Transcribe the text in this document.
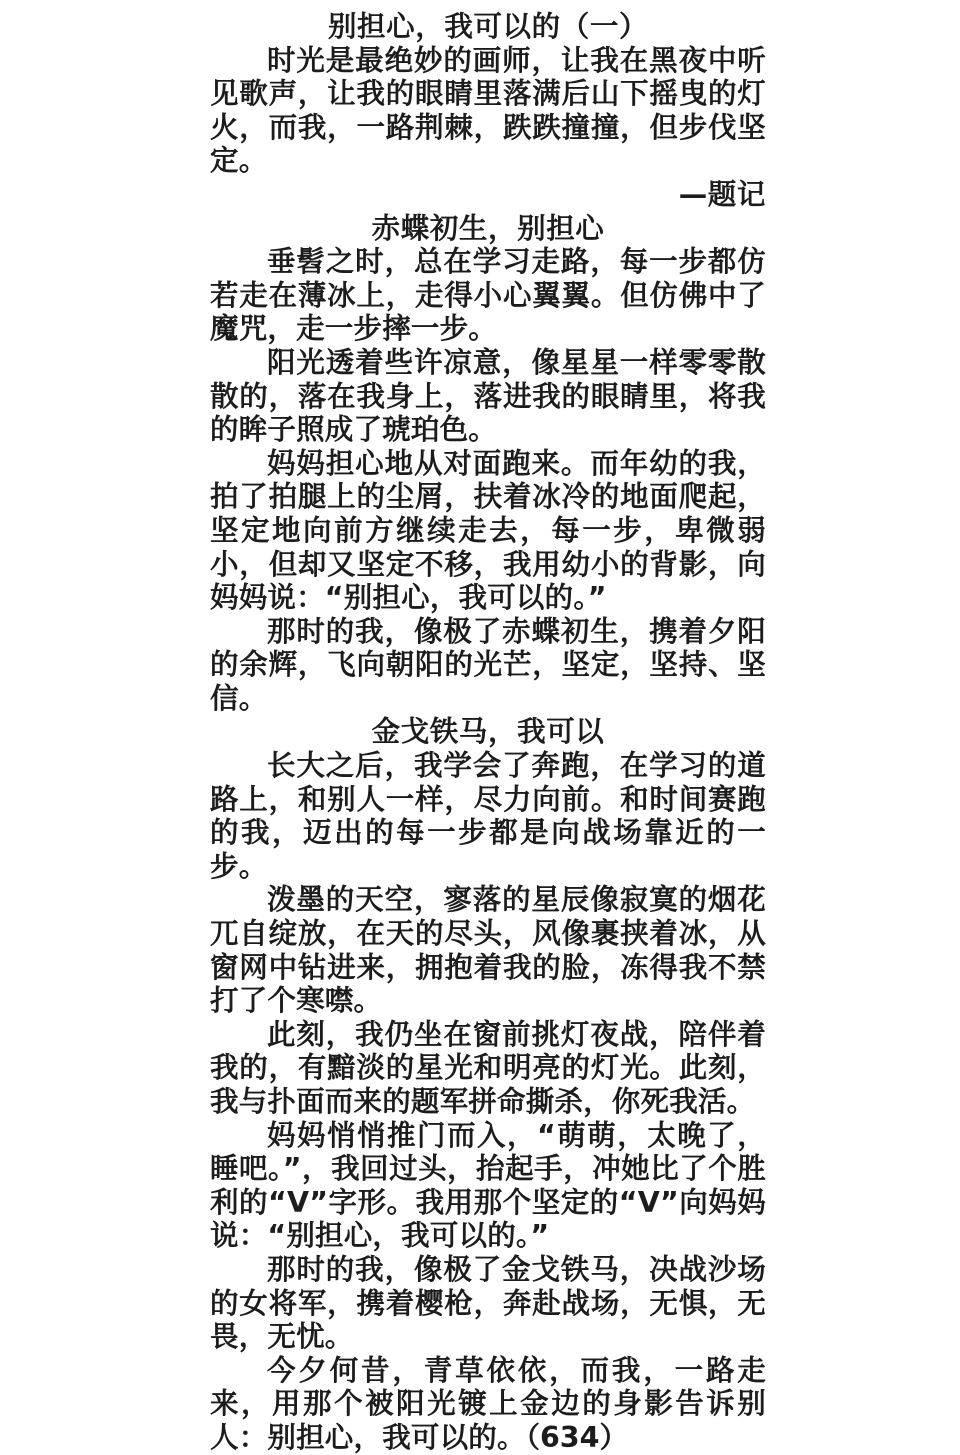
别担心，我可以的（一）

时光是最绝妙的画师，让我在黑夜中听见歌声，让我的眼睛里落满后山下摇曳的灯火，而我，一路荆棘，跌跌撞撞，但步伐坚定。

—题记

赤蝶初生，别担心

垂髫之时，总在学习走路，每一步都仿若走在薄冰上，走得小心翼翼。但仿佛中了魔咒，走一步摔一步。

阳光透着些许凉意，像星星一样零零散散的，落在我身上，落进我的眼睛里，将我的眸子照成了琥珀色。

妈妈担心地从对面跑来。而年幼的我，拍了拍腿上的尘屑，扶着冰冷的地面爬起，坚定地向前方继续走去，每一步，卑微弱小，但却又坚定不移，我用幼小的背影，向妈妈说：“别担心，我可以的。”

那时的我，像极了赤蝶初生，携着夕阳的余辉，飞向朝阳的光芒，坚定，坚持、坚信。

金戈铁马，我可以

长大之后，我学会了奔跑，在学习的道路上，和别人一样，尽力向前。和时间赛跑的我，迈出的每一步都是向战场靠近的一步。

泼墨的天空，寥落的星辰像寂寞的烟花兀自绽放，在天的尽头，风像裹挟着冰，从窗网中钻进来，拥抱着我的脸，冻得我不禁打了个寒噤。

此刻，我仍坐在窗前挑灯夜战，陪伴着我的，有黯淡的星光和明亮的灯光。此刻，我与扑面而来的题军拼命撕杀，你死我活。

妈妈悄悄推门而入，“萌萌，太晚了，睡吧。”，我回过头，抬起手，冲她比了个胜利的“V”字形。我用那个坚定的“V”向妈妈说：“别担心，我可以的。”

那时的我，像极了金戈铁马，决战沙场的女将军，携着樱枪，奔赴战场，无惧，无畏，无忧。

今夕何昔，青草依依，而我，一路走来，用那个被阳光镀上金边的身影告诉别人：别担心，我可以的。（634）
